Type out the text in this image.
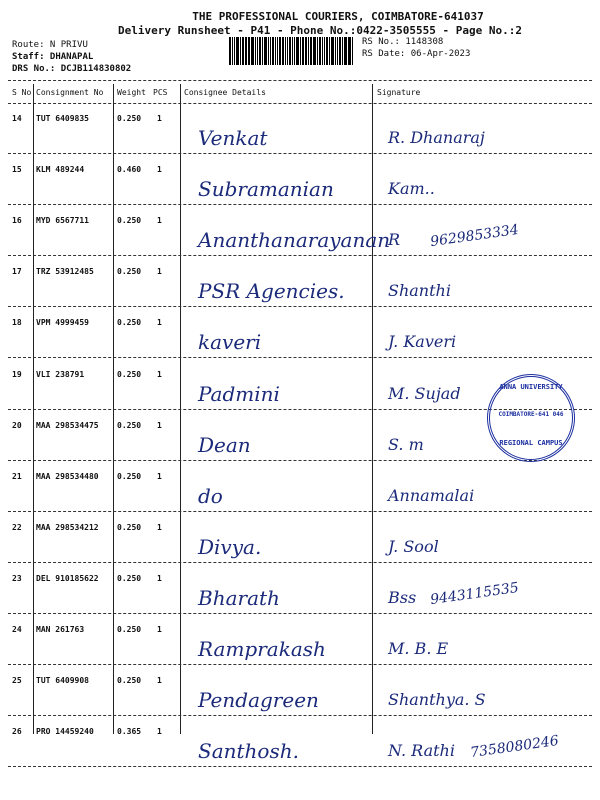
THE PROFESSIONAL COURIERS, COIMBATORE-641037
Delivery Runsheet - P41 - Phone No.:0422-3505555 - Page No.:2
Route: N PRIVU
Staff: DHANAPAL
DRS No.: DCJB114830802
RS No.: 1148308
RS Date: 06-Apr-2023
S No Consignment No Weight PCS Consignee Details	Signature
14 TUT 6409835	0.250 1
Venkat	R. Dhanaraj
15 KLM 489244	0.460 1
Subramanian	Kam..
16 MYD 6567711	0.250 1
Ananthanarayanan
R 9629853334
17 TRZ 53912485	0.250 1
PSR Agencies.	Shanthi
18 VPM 4999459	0.250 1
kaveri	J. Kaveri
19 VLI 238791	0.250 1
Padmini	M. Sujad
20 MAA 298534475 0.250 1
Dean	S. m
21 MAA 298534480 0.250 1
do	Annamalai
22 MAA 298534212 0.250 1
Divya.	J. Sool
23 DEL 910185622 0.250 1
Bharath	Bss 9443115535
24 MAN 261763	0.250 1
Ramprakash	M. B. E
25 TUT 6409908	0.250 1
Pendagreen	Shanthya. S
26 PRO 14459240	0.365 1
Santhosh.	N. Rathi 7358080246
ANNA UNIVERSITY
COIMBATORE-641 046
REGIONAL CAMPUS
